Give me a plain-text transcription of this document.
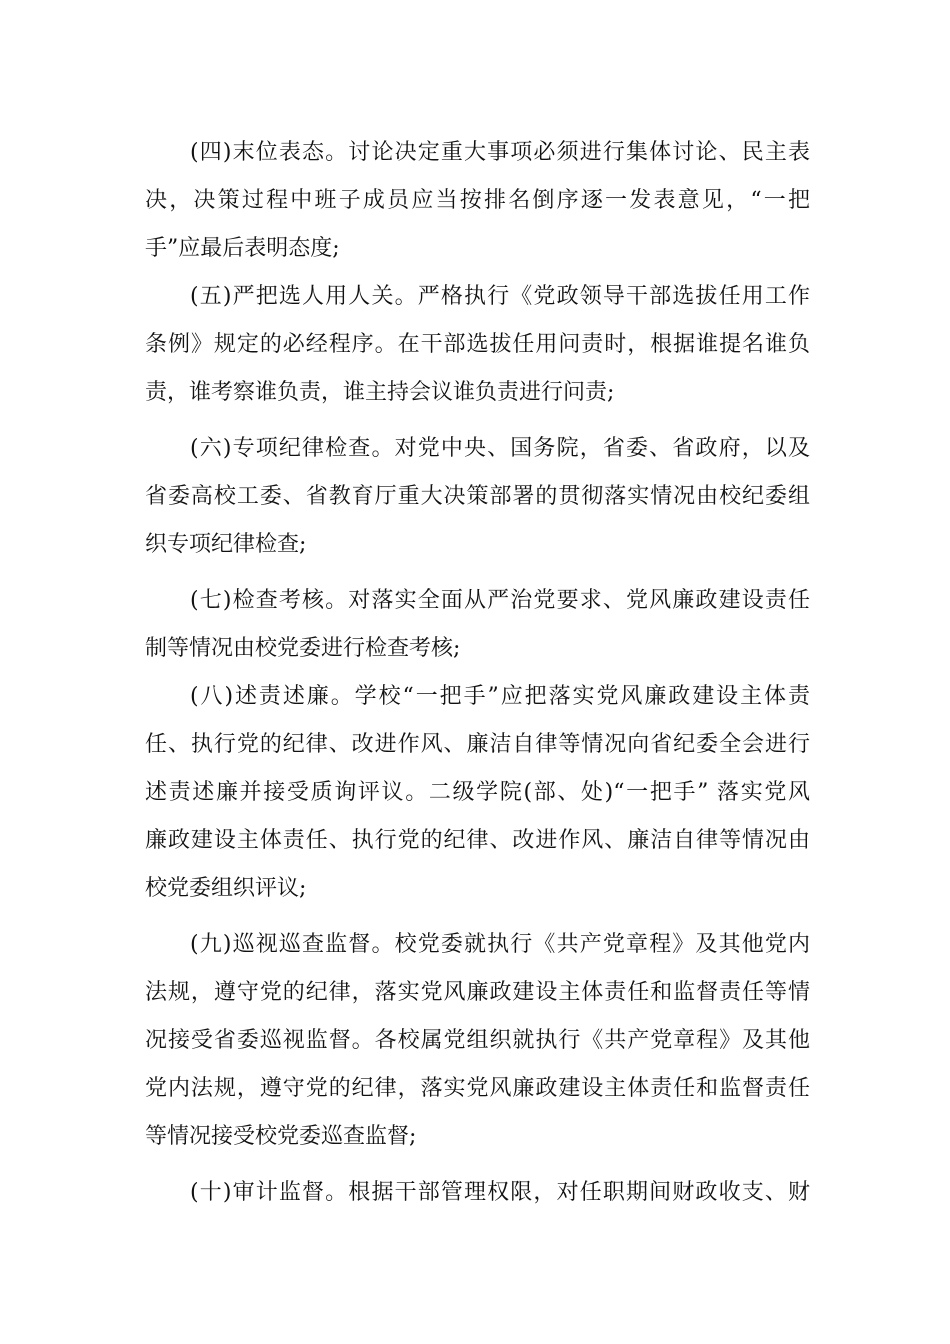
(四)末位表态。讨论决定重大事项必须进行集体讨论、民主表
决，决策过程中班子成员应当按排名倒序逐一发表意见，“一把
手”应最后表明态度;
(五)严把选人用人关。严格执行《党政领导干部选拔任用工作
条例》规定的必经程序。在干部选拔任用问责时，根据谁提名谁负
责，谁考察谁负责，谁主持会议谁负责进行问责;
(六)专项纪律检查。对党中央、国务院，省委、省政府，以及
省委高校工委、省教育厅重大决策部署的贯彻落实情况由校纪委组
织专项纪律检查;
(七)检查考核。对落实全面从严治党要求、党风廉政建设责任
制等情况由校党委进行检查考核;
(八)述责述廉。学校“一把手”应把落实党风廉政建设主体责
任、执行党的纪律、改进作风、廉洁自律等情况向省纪委全会进行
述责述廉并接受质询评议。二级学院(部、处)“一把手” 落实党风
廉政建设主体责任、执行党的纪律、改进作风、廉洁自律等情况由
校党委组织评议;
(九)巡视巡查监督。校党委就执行《共产党章程》及其他党内
法规，遵守党的纪律，落实党风廉政建设主体责任和监督责任等情
况接受省委巡视监督。各校属党组织就执行《共产党章程》及其他
党内法规，遵守党的纪律，落实党风廉政建设主体责任和监督责任
等情况接受校党委巡查监督;
(十)审计监督。根据干部管理权限，对任职期间财政收支、财
